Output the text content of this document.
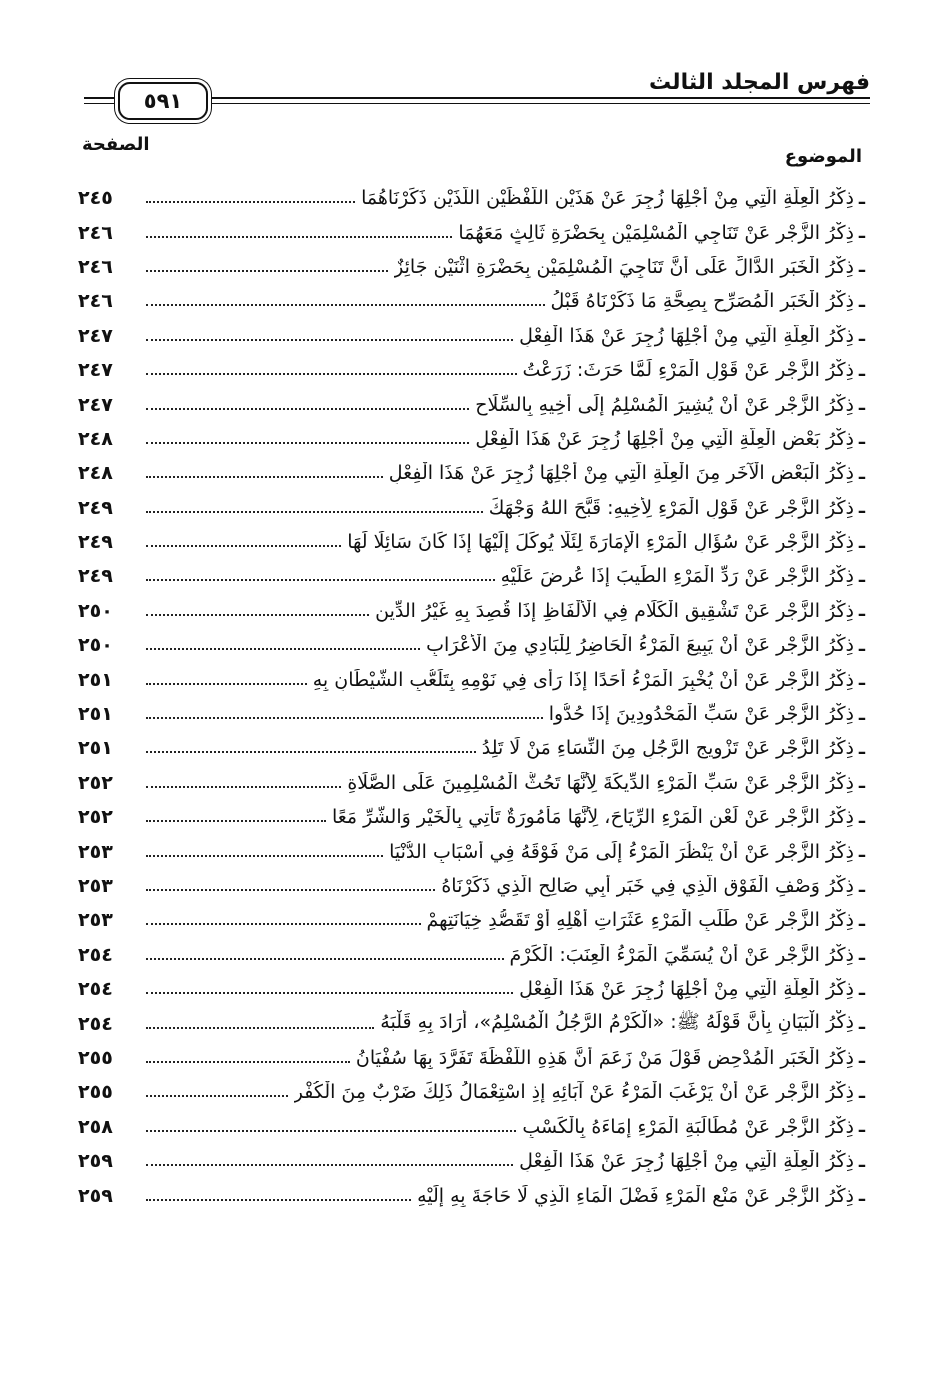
فهرس المجلد الثالث
٥٩١
الموضوع
الصفحة
٢٤٥	ذِكْرُ الْعِلَّةِ الَّتِي مِنْ أَجْلِهَا زُجِرَ عَنْ هَذَيْنِ اللَّفْظَيْنِ اللَّذَيْنِ ذَكَرْنَاهُمَا ـ
٢٤٦	ذِكْرُ الزَّجْرِ عَنْ تَنَاجِي الْمُسْلِمَيْنِ بِحَضْرَةِ ثَالِثٍ مَعَهُمَا ـ
٢٤٦	ذِكْرُ الْخَبَرِ الدَّالِّ عَلَى أَنَّ تَنَاجِيَ الْمُسْلِمَيْنِ بِحَضْرَةِ اثْنَيْنِ جَائِزٌ ـ
٢٤٦	ذِكْرُ الْخَبَرِ الْمُصَرِّحِ بِصِحَّةِ مَا ذَكَرْنَاهُ قَبْلُ ـ
٢٤٧	ذِكْرُ الْعِلَّةِ الَّتِي مِنْ أَجْلِهَا زُجِرَ عَنْ هَذَا الْفِعْلِ ـ
٢٤٧	ذِكْرُ الزَّجْرِ عَنْ قَوْلِ الْمَرْءِ لَمَّا حَرَثَ: زَرَعْتُ ـ
٢٤٧	ذِكْرُ الزَّجْرِ عَنْ أَنْ يُشِيرَ الْمُسْلِمُ إِلَى أَخِيهِ بِالسِّلَاحِ ـ
٢٤٨	ذِكْرُ بَعْضِ الْعِلَّةِ الَّتِي مِنْ أَجْلِهَا زُجِرَ عَنْ هَذَا الْفِعْلِ ـ
٢٤٨	ذِكْرُ الْبَعْضِ الْآخَرِ مِنَ الْعِلَّةِ الَّتِي مِنْ أَجْلِهَا زُجِرَ عَنْ هَذَا الْفِعْلِ ـ
٢٤٩	ذِكْرُ الزَّجْرِ عَنْ قَوْلِ الْمَرْءِ لِأَخِيهِ: قَبَّحَ اللهُ وَجْهَكَ ـ
٢٤٩	ذِكْرُ الزَّجْرِ عَنْ سُؤَالِ الْمَرْءِ الْإِمَارَةَ لِئَلَّا يُوكَلَ إِلَيْهَا إِذَا كَانَ سَائِلًا لَهَا ـ
٢٤٩	ذِكْرُ الزَّجْرِ عَنْ رَدِّ الْمَرْءِ الطِّيبَ إِذَا عُرِضَ عَلَيْهِ ـ
٢٥٠	ذِكْرُ الزَّجْرِ عَنْ تَشْقِيقِ الْكَلَامِ فِي الْأَلْفَاظِ إِذَا قُصِدَ بِهِ غَيْرُ الدِّينِ ـ
٢٥٠	ذِكْرُ الزَّجْرِ عَنْ أَنْ يَبِيعَ الْمَرْءُ الْحَاضِرُ لِلْبَادِي مِنَ الْأَعْرَابِ ـ
٢٥١	ذِكْرُ الزَّجْرِ عَنْ أَنْ يُخْبِرَ الْمَرْءُ أَحَدًا إِذَا رَأَى فِي نَوْمِهِ بِتَلَعُّبِ الشَّيْطَانِ بِهِ ـ
٢٥١	ذِكْرُ الزَّجْرِ عَنْ سَبِّ الْمَحْدُودِينَ إِذَا حُدُّوا ـ
٢٥١	ذِكْرُ الزَّجْرِ عَنْ تَزْوِيجِ الرَّجُلِ مِنَ النِّسَاءِ مَنْ لَا تَلِدُ ـ
٢٥٢	ذِكْرُ الزَّجْرِ عَنْ سَبِّ الْمَرْءِ الدِّيكَةَ لِأَنَّهَا تَحُثُّ الْمُسْلِمِينَ عَلَى الصَّلَاةِ ـ
٢٥٢	ذِكْرُ الزَّجْرِ عَنْ لَعْنِ الْمَرْءِ الرِّيَاحَ، لِأَنَّهَا مَأْمُورَةٌ تَأْتِي بِالْخَيْرِ وَالشَّرِّ مَعًا ـ
٢٥٣	ذِكْرُ الزَّجْرِ عَنْ أَنْ يَنْظُرَ الْمَرْءُ إِلَى مَنْ فَوْقَهُ فِي أَسْبَابِ الدُّنْيَا ـ
٢٥٣	ذِكْرُ وَصْفِ الْفَوْقِ الَّذِي فِي خَبَرِ أَبِي صَالِحٍ الَّذِي ذَكَرْنَاهُ ـ
٢٥٣	ذِكْرُ الزَّجْرِ عَنْ طَلَبِ الْمَرْءِ عَثَرَاتِ أَهْلِهِ أَوْ تَقَصُّدِ خِيَانَتِهِمْ ـ
٢٥٤	ذِكْرُ الزَّجْرِ عَنْ أَنْ يُسَمِّيَ الْمَرْءُ الْعِنَبَ: الْكَرْمَ ـ
٢٥٤	ذِكْرُ الْعِلَّةِ الَّتِي مِنْ أَجْلِهَا زُجِرَ عَنْ هَذَا الْفِعْلِ ـ
٢٥٤	ذِكْرُ الْبَيَانِ بِأَنَّ قَوْلَهُ ﷺ: «الْكَرْمُ الرَّجُلُ الْمُسْلِمُ»، أَرَادَ بِهِ قَلْبَهُ ـ
٢٥٥	ذِكْرُ الْخَبَرِ الْمُدْحِضِ قَوْلَ مَنْ زَعَمَ أَنَّ هَذِهِ اللَّفْظَةَ تَفَرَّدَ بِهَا سُفْيَانُ ـ
٢٥٥	ذِكْرُ الزَّجْرِ عَنْ أَنْ يَرْغَبَ الْمَرْءُ عَنْ آبَائِهِ إِذِ اسْتِعْمَالُ ذَلِكَ ضَرْبٌ مِنَ الْكُفْرِ ـ
٢٥٨	ذِكْرُ الزَّجْرِ عَنْ مُطَالَبَةِ الْمَرْءِ إِمَاءَهُ بِالْكَسْبِ ـ
٢٥٩	ذِكْرُ الْعِلَّةِ الَّتِي مِنْ أَجْلِهَا زُجِرَ عَنْ هَذَا الْفِعْلِ ـ
٢٥٩	ذِكْرُ الزَّجْرِ عَنْ مَنْعِ الْمَرْءِ فَضْلَ الْمَاءِ الَّذِي لَا حَاجَةَ بِهِ إِلَيْهِ ـ
